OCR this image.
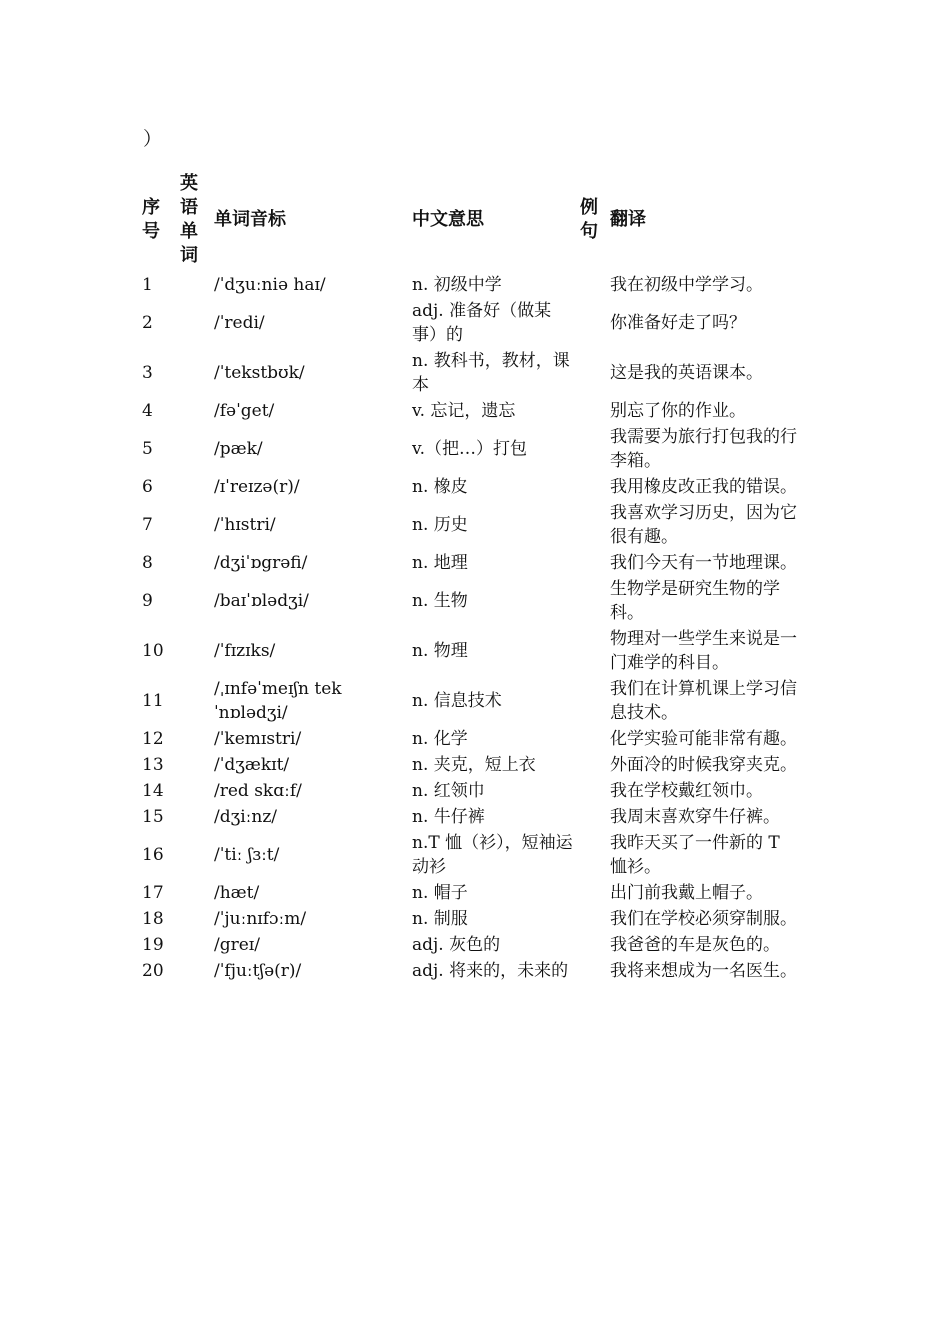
）
序号	英语单词	单词音标	中文意思	例句	翻译
1		/ˈdʒuːniə haɪ/	n. 初级中学		我在初级中学学习。
2		/ˈredi/	adj. 准备好（做某事）的		你准备好走了吗？
3		/ˈtekstbʊk/	n. 教科书，教材，课本		这是我的英语课本。
4		/fəˈget/	v. 忘记，遗忘		别忘了你的作业。
5		/pæk/	v.（把…）打包		我需要为旅行打包我的行李箱。
6		/ɪˈreɪzə(r)/	n. 橡皮		我用橡皮改正我的错误。
7		/ˈhɪstri/	n. 历史		我喜欢学习历史，因为它很有趣。
8		/dʒiˈɒgrəfi/	n. 地理		我们今天有一节地理课。
9		/baɪˈɒlədʒi/	n. 生物		生物学是研究生物的学科。
10		/ˈfɪzɪks/	n. 物理		物理对一些学生来说是一门难学的科目。
11		/ˌɪnfəˈmeɪʃn tekˈnɒlədʒi/	n. 信息技术		我们在计算机课上学习信息技术。
12		/ˈkemɪstri/	n. 化学		化学实验可能非常有趣。
13		/ˈdʒækɪt/	n. 夹克，短上衣		外面冷的时候我穿夹克。
14		/red skɑːf/	n. 红领巾		我在学校戴红领巾。
15		/dʒiːnz/	n. 牛仔裤		我周末喜欢穿牛仔裤。
16		/ˈtiː ʃɜːt/	n.T 恤（衫），短袖运动衫		我昨天买了一件新的 T 恤衫。
17		/hæt/	n. 帽子		出门前我戴上帽子。
18		/ˈjuːnɪfɔːm/	n. 制服		我们在学校必须穿制服。
19		/greɪ/	adj. 灰色的		我爸爸的车是灰色的。
20		/ˈfjuːtʃə(r)/	adj. 将来的，未来的		我将来想成为一名医生。
